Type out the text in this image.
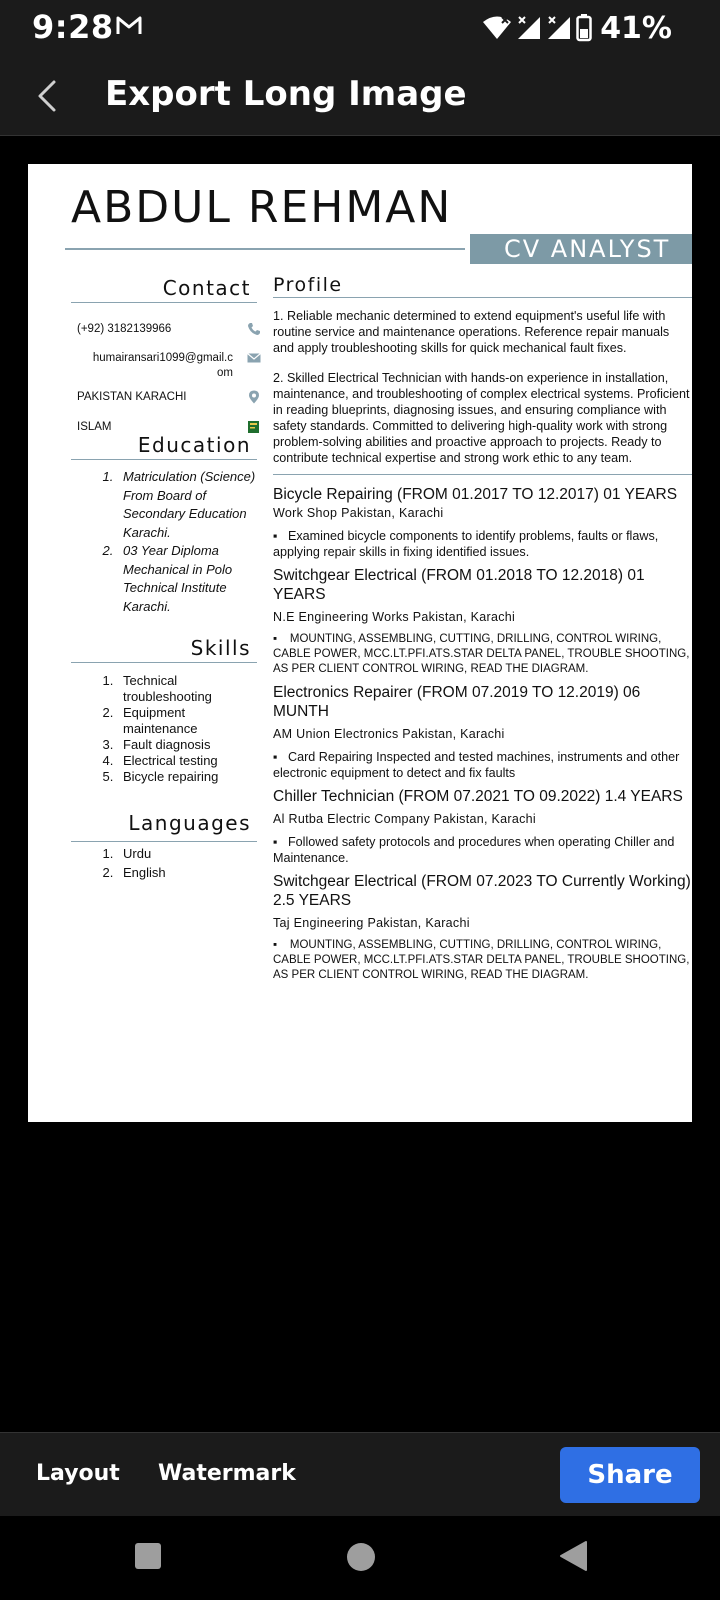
9:28	41%
Export Long Image
ABDUL REHMAN
CV ANALYST
Contact
(+92) 3182139966
humairansari1099@gmail.c
om
PAKISTAN KARACHI
ISLAM
Education
1. Matriculation (Science) From Board of Secondary Education Karachi.
2. 03 Year Diploma Mechanical in Polo Technical Institute Karachi.
Skills
1. Technical troubleshooting
2. Equipment maintenance
3. Fault diagnosis
4. Electrical testing
5. Bicycle repairing
Languages
1. Urdu
2. English
Profile

1. Reliable mechanic determined to extend equipment's useful life with routine service and maintenance operations. Reference repair manuals and apply troubleshooting skills for quick mechanical fault fixes.

2. Skilled Electrical Technician with hands-on experience in installation, maintenance, and troubleshooting of complex electrical systems. Proficient in reading blueprints, diagnosing issues, and ensuring compliance with safety standards. Committed to delivering high-quality work with strong problem-solving abilities and proactive approach to projects. Ready to contribute technical expertise and strong work ethic to any team.

Bicycle Repairing (FROM 01.2017 TO 12.2017) 01 YEARS
Work Shop Pakistan, Karachi
▪   Examined bicycle components to identify problems, faults or flaws, applying repair skills in fixing identified issues.
Switchgear Electrical (FROM 01.2018 TO 12.2018) 01 YEARS
N.E Engineering Works Pakistan, Karachi
▪    MOUNTING, ASSEMBLING, CUTTING, DRILLING, CONTROL WIRING, CABLE POWER, MCC.LT.PFI.ATS.STAR DELTA PANEL, TROUBLE SHOOTING, AS PER CLIENT CONTROL WIRING, READ THE DIAGRAM.
Electronics Repairer (FROM 07.2019 TO 12.2019) 06 MUNTH
AM Union Electronics Pakistan, Karachi
▪   Card Repairing Inspected and tested machines, instruments and other electronic equipment to detect and fix faults
Chiller Technician (FROM 07.2021 TO 09.2022) 1.4 YEARS
Al Rutba Electric Company Pakistan, Karachi
▪   Followed safety protocols and procedures when operating Chiller and Maintenance.
Switchgear Electrical (FROM 07.2023 TO Currently Working) 2.5 YEARS
Taj Engineering Pakistan, Karachi
▪    MOUNTING, ASSEMBLING, CUTTING, DRILLING, CONTROL WIRING, CABLE POWER, MCC.LT.PFI.ATS.STAR DELTA PANEL, TROUBLE SHOOTING, AS PER CLIENT CONTROL WIRING, READ THE DIAGRAM.
Layout Watermark	Share
